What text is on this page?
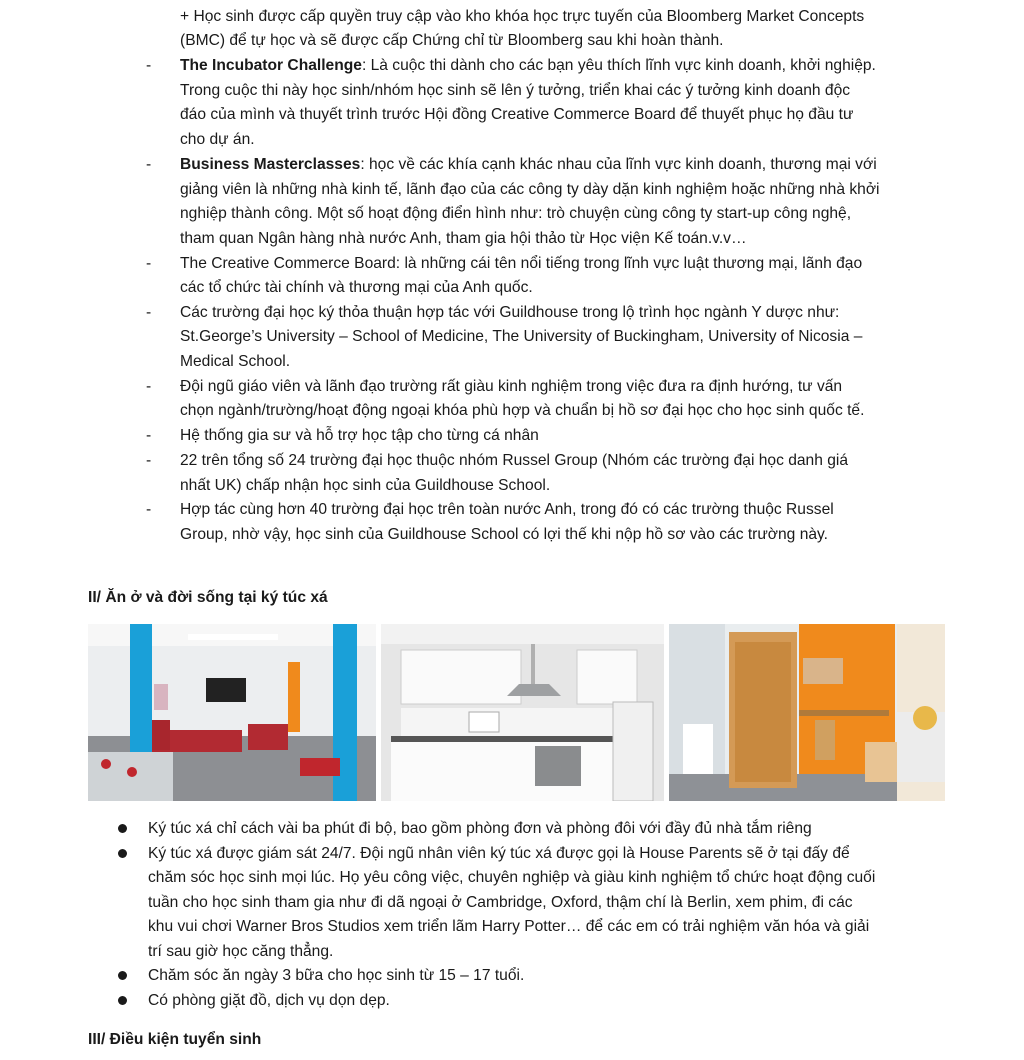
+ Học sinh được cấp quyền truy cập vào kho khóa học trực tuyến của Bloomberg Market Concepts
(BMC) để tự học và sẽ được cấp Chứng chỉ từ Bloomberg sau khi hoàn thành.
- The Incubator Challenge: Là cuộc thi dành cho các bạn yêu thích lĩnh vực kinh doanh, khởi nghiệp.
Trong cuộc thi này học sinh/nhóm học sinh sẽ lên ý tưởng, triển khai các ý tưởng kinh doanh độc
đáo của mình và thuyết trình trước Hội đồng Creative Commerce Board để thuyết phục họ đầu tư
cho dự án.
- Business Masterclasses: học về các khía cạnh khác nhau của lĩnh vực kinh doanh, thương mại với
giảng viên là những nhà kinh tế, lãnh đạo của các công ty dày dặn kinh nghiệm hoặc những nhà khởi
nghiệp thành công. Một số hoạt động điển hình như: trò chuyện cùng công ty start-up công nghệ,
tham quan Ngân hàng nhà nước Anh, tham gia hội thảo từ Học viện Kế toán.v.v…
- The Creative Commerce Board: là những cái tên nổi tiếng trong lĩnh vực luật thương mại, lãnh đạo
các tổ chức tài chính và thương mại của Anh quốc.
- Các trường đại học ký thỏa thuận hợp tác với Guildhouse trong lộ trình học ngành Y dược như:
St.George’s University – School of Medicine, The University of Buckingham, University of Nicosia –
Medical School.
- Đội ngũ giáo viên và lãnh đạo trường rất giàu kinh nghiệm trong việc đưa ra định hướng, tư vấn
chọn ngành/trường/hoạt động ngoại khóa phù hợp và chuẩn bị hồ sơ đại học cho học sinh quốc tế.
- Hệ thống gia sư và hỗ trợ học tập cho từng cá nhân
- 22 trên tổng số 24 trường đại học thuộc nhóm Russel Group (Nhóm các trường đại học danh giá
nhất UK) chấp nhận học sinh của Guildhouse School.
- Hợp tác cùng hơn 40 trường đại học trên toàn nước Anh, trong đó có các trường thuộc Russel
Group, nhờ vậy, học sinh của Guildhouse School có lợi thế khi nộp hồ sơ vào các trường này.
II/ Ăn ở và đời sống tại ký túc xá
Ký túc xá chỉ cách vài ba phút đi bộ, bao gồm phòng đơn và phòng đôi với đầy đủ nhà tắm riêng
Ký túc xá được giám sát 24/7. Đội ngũ nhân viên ký túc xá được gọi là House Parents sẽ ở tại đấy để
chăm sóc học sinh mọi lúc. Họ yêu công việc, chuyên nghiệp và giàu kinh nghiệm tổ chức hoạt động cuối
tuần cho học sinh tham gia như đi dã ngoại ở Cambridge, Oxford, thậm chí là Berlin, xem phim, đi các
khu vui chơi Warner Bros Studios xem triển lãm Harry Potter… để các em có trải nghiệm văn hóa và giải
trí sau giờ học căng thẳng.
Chăm sóc ăn ngày 3 bữa cho học sinh từ 15 – 17 tuổi.
Có phòng giặt đồ, dịch vụ dọn dẹp.
III/ Điều kiện tuyển sinh
